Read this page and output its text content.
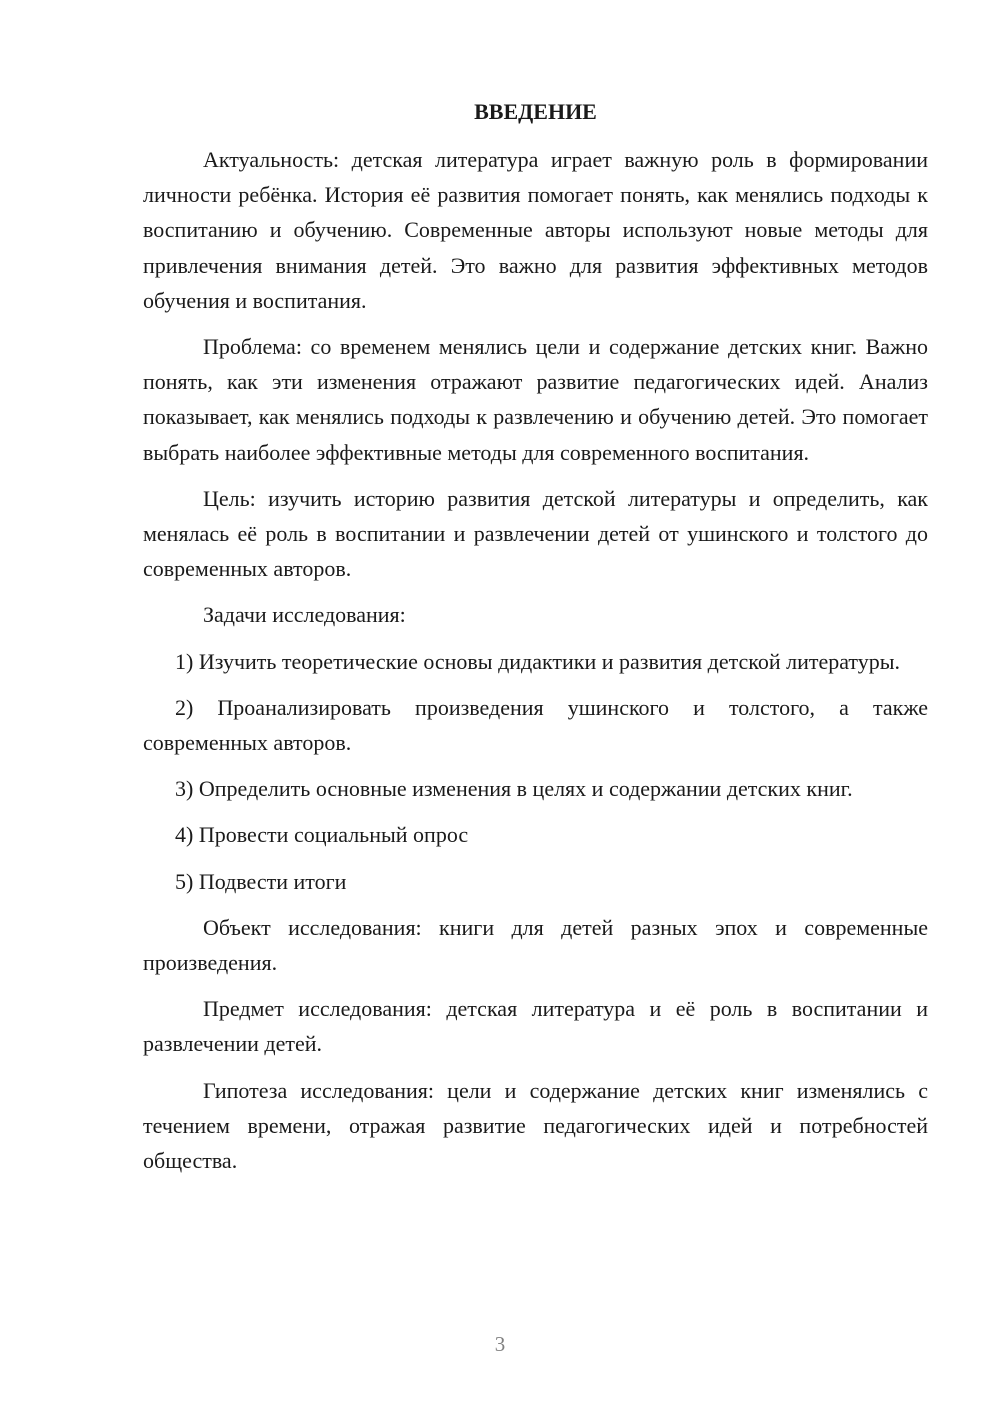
ВВЕДЕНИЕ

Актуальность: детская литература играет важную роль в формировании личности ребёнка. История её развития помогает понять, как менялись подходы к воспитанию и обучению. Современные авторы используют новые методы для привлечения внимания детей. Это важно для развития эффективных методов обучения и воспитания.

Проблема: со временем менялись цели и содержание детских книг. Важно понять, как эти изменения отражают развитие педагогических идей. Анализ показывает, как менялись подходы к развлечению и обучению детей. Это помогает выбрать наиболее эффективные методы для современного воспитания.

Цель: изучить историю развития детской литературы и определить, как менялась её роль в воспитании и развлечении детей от ушинского и толстого до современных авторов.

Задачи исследования:

1) Изучить теоретические основы дидактики и развития детской литературы.

2) Проанализировать произведения ушинского и толстого, а также современных авторов.

3) Определить основные изменения в целях и содержании детских книг.

4) Провести социальный опрос

5) Подвести итоги

Объект исследования: книги для детей разных эпох и современные произведения.

Предмет исследования: детская литература и её роль в воспитании и развлечении детей.

Гипотеза исследования: цели и содержание детских книг изменялись с течением времени, отражая развитие педагогических идей и потребностей общества.

3
